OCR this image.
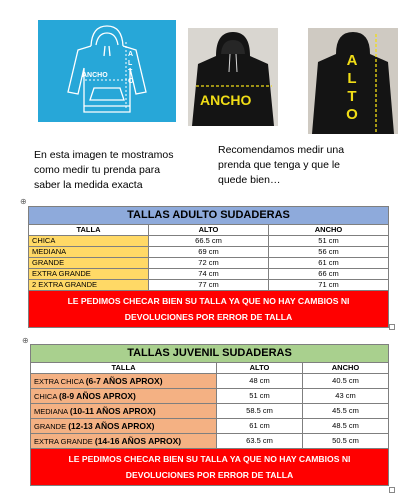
ANCHO
A L T O
ANCHO
A L T O
En esta imagen te mostramos
como medir tu prenda para
saber la medida exacta
Recomendamos medir una
prenda que tenga y que le
quede bien…
⊕
TALLAS ADULTO SUDADERAS		
TALLA	ALTO	ANCHO
CHICA	66.5 cm	51 cm
MEDIANA	69 cm	56 cm
GRANDE	72 cm	61 cm
EXTRA GRANDE	74 cm	66 cm
2 EXTRA GRANDE	77 cm	71 cm
LE PEDIMOS CHECAR BIEN SU TALLA YA QUE NO HAY CAMBIOS NI DEVOLUCIONES POR ERROR DE TALLA		
⊕
TALLAS JUVENIL SUDADERAS		
TALLA	ALTO	ANCHO
EXTRA CHICA (6-7 AÑOS APROX)	48 cm	40.5 cm
CHICA (8-9 AÑOS APROX)	51 cm	43 cm
MEDIANA (10-11 AÑOS APROX)	58.5 cm	45.5 cm
GRANDE (12-13 AÑOS APROX)	61 cm	48.5 cm
EXTRA GRANDE (14-16 AÑOS APROX)	63.5 cm	50.5 cm
LE PEDIMOS CHECAR BIEN SU TALLA YA QUE NO HAY CAMBIOS NI DEVOLUCIONES POR ERROR DE TALLA		
